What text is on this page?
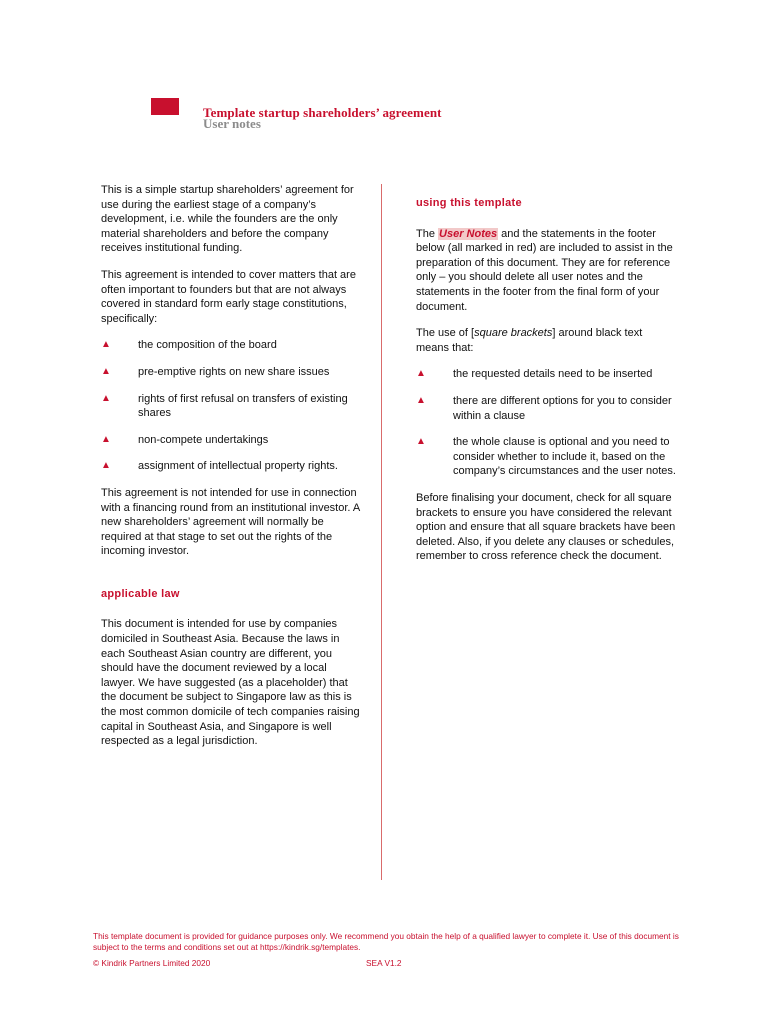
Template startup shareholders’ agreement
User notes

This is a simple startup shareholders’ agreement for use during the earliest stage of a company’s development, i.e. while the founders are the only material shareholders and before the company receives institutional funding.

This agreement is intended to cover matters that are often important to founders but that are not always covered in standard form early stage constitutions, specifically:

▲ the composition of the board
▲ pre-emptive rights on new share issues
▲ rights of first refusal on transfers of existing shares
▲ non-compete undertakings
▲ assignment of intellectual property rights.

This agreement is not intended for use in connection with a financing round from an institutional investor. A new shareholders’ agreement will normally be required at that stage to set out the rights of the incoming investor.

applicable law

This document is intended for use by companies domiciled in Southeast Asia. Because the laws in each Southeast Asian country are different, you should have the document reviewed by a local lawyer. We have suggested (as a placeholder) that the document be subject to Singapore law as this is the most common domicile of tech companies raising capital in Southeast Asia, and Singapore is well respected as a legal jurisdiction.

using this template

The User Notes and the statements in the footer below (all marked in red) are included to assist in the preparation of this document. They are for reference only – you should delete all user notes and the statements in the footer from the final form of your document.

The use of [square brackets] around black text means that:

▲ the requested details need to be inserted
▲ there are different options for you to consider within a clause
▲ the whole clause is optional and you need to consider whether to include it, based on the company’s circumstances and the user notes.

Before finalising your document, check for all square brackets to ensure you have considered the relevant option and ensure that all square brackets have been deleted. Also, if you delete any clauses or schedules, remember to cross reference check the document.

This template document is provided for guidance purposes only. We recommend you obtain the help of a qualified lawyer to complete it. Use of this document is subject to the terms and conditions set out at https://kindrik.sg/templates.
© Kindrik Partners Limited 2020	SEA V1.2
